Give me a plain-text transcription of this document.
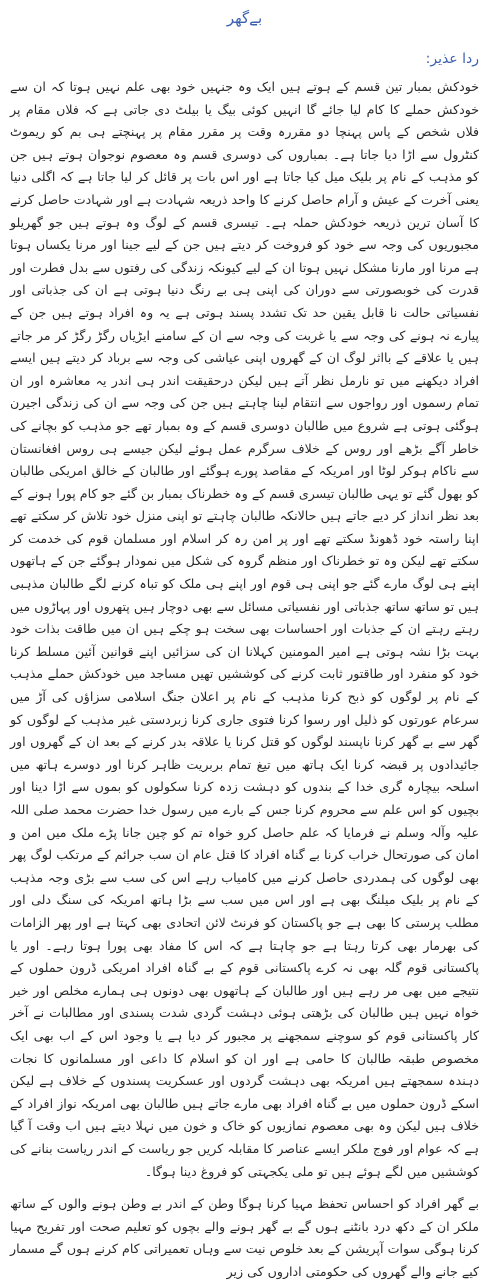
بےگھر
ردا عذیر:

خودکش بمبار تین قسم کے ہوتے ہیں ایک وہ جنہیں خود بھی علم نہیں ہوتا کہ ان سے خودکش حملے کا کام لیا جائے گا انہیں کوئی بیگ یا بیلٹ دی جاتی ہے کہ فلاں مقام پر فلاں شخص کے پاس پہنچا دو مقررہ وقت پر مقرر مقام پر پہنچتے ہی بم کو ریموٹ کنٹرول سے اڑا دیا جاتا ہے۔ بمباروں کی دوسری قسم وہ معصوم نوجوان ہوتے ہیں جن کو مذہب کے نام پر بلیک میل کیا جاتا ہے اور اس بات پر قائل کر لیا جاتا ہے کہ اگلی دنیا یعنی آخرت کے عیش و آرام حاصل کرنے کا واحد ذریعہ شہادت ہے اور شہادت حاصل کرنے کا آسان ترین ذریعہ خودکش حملہ ہے۔ تیسری قسم کے لوگ وہ ہوتے ہیں جو گھریلو مجبوریوں کی وجہ سے خود کو فروخت کر دیتے ہیں جن کے لیے جینا اور مرنا یکساں ہوتا ہے مرنا اور مارنا مشکل نہیں ہوتا ان کے لیے کیونکہ زندگی کی رفتوں سے بدل فطرت اور قدرت کی خوبصورتی سے دوران کی اپنی ہی بے رنگ دنیا ہوتی ہے ان کی جذباتی اور نفسیاتی حالت نا قابل یقین حد تک تشدد پسند ہوتی ہے یہ وہ افراد ہوتے ہیں جن کے پیارے نہ ہونے کی وجہ سے یا غربت کی وجہ سے ان کے سامنے ایڑیاں رگڑ رگڑ کر مر جاتے ہیں یا علاقے کے بااثر لوگ ان کے گھروں اپنی عیاشی کی وجہ سے برباد کر دیتے ہیں ایسے افراد دیکھنے میں تو نارمل نظر آتے ہیں لیکن درحقیقت اندر ہی اندر یہ معاشرہ اور ان تمام رسموں اور رواجوں سے انتقام لینا چاہتے ہیں جن کی وجہ سے ان کی زندگی اجیرن ہوگئی ہوتی ہے شروع میں طالبان دوسری قسم کے وہ بمبار تھے جو مذہب کو بچانے کی خاطر آگے بڑھے اور روس کے خلاف سرگرم عمل ہوئے لیکن جیسے ہی روس افغانستان سے ناکام ہوکر لوٹا اور امریکہ کے مقاصد پورے ہوگئے اور طالبان کے خالق امریکی طالبان کو بھول گئے تو یہی طالبان تیسری قسم کے وہ خطرناک بمبار بن گئے جو کام پورا ہونے کے بعد نظر انداز کر دیے جاتے ہیں حالانکہ طالبان چاہتے تو اپنی منزل خود تلاش کر سکتے تھے اپنا راستہ خود ڈھونڈ سکتے تھے اور پر امن رہ کر اسلام اور مسلمان قوم کی خدمت کر سکتے تھے لیکن وہ تو خطرناک اور منظم گروہ کی شکل میں نمودار ہوگئے جن کے ہاتھوں اپنے ہی لوگ مارے گئے جو اپنی ہی قوم اور اپنے ہی ملک کو تباہ کرنے لگے طالبان مذہبی ہیں تو ساتھ ساتھ جذباتی اور نفسیاتی مسائل سے بھی دوچار ہیں پتھروں اور پہاڑوں میں رہتے رہتے ان کے جذبات اور احساسات بھی سخت ہو چکے ہیں ان میں طاقت بذات خود بہت بڑا نشہ ہوتی ہے امیر المومنین کہلانا ان کی سزائیں اپنے قوانین آئین مسلط کرنا خود کو منفرد اور طاقتور ثابت کرنے کی کوششیں تھیں مساجد میں خودکش حملے مذہب کے نام پر لوگوں کو ذبح کرنا مذہب کے نام پر اعلان جنگ اسلامی سزاؤں کی آڑ میں سرعام عورتوں کو ذلیل اور رسوا کرنا فتوی جاری کرنا زبردستی غیر مذہب کے لوگوں کو گھر سے بے گھر کرنا ناپسند لوگوں کو قتل کرنا یا علاقہ بدر کرنے کے بعد ان کے گھروں اور جائیدادوں پر قبضہ کرنا ایک ہاتھ میں تیغ تمام بربریت ظاہر کرنا اور دوسرے ہاتھ میں اسلحہ بیچارہ گری خدا کے بندوں کو دہشت زدہ کرنا سکولوں کو بموں سے اڑا دینا اور بچیوں کو اس علم سے محروم کرنا جس کے بارے میں رسول خدا حضرت محمد صلی اللہ علیہ وآلہ وسلم نے فرمایا کہ علم حاصل کرو خواہ تم کو چین جانا پڑے ملک میں امن و امان کی صورتحال خراب کرنا بے گناہ افراد کا قتل عام ان سب جرائم کے مرتکب لوگ پھر بھی لوگوں کی ہمدردی حاصل کرنے میں کامیاب رہے اس کی سب سے بڑی وجہ مذہب کے نام پر بلیک میلنگ بھی ہے اور اس میں سب سے بڑا ہاتھ امریکہ کی سنگ دلی اور مطلب پرستی کا بھی ہے جو پاکستان کو فرنٹ لائن اتحادی بھی کہتا ہے اور پھر الزامات کی بھرمار بھی کرتا رہتا ہے جو چاہتا ہے کہ اس کا مفاد بھی پورا ہوتا رہے۔ اور یا پاکستانی قوم گلہ بھی نہ کرے پاکستانی قوم کے بے گناہ افراد امریکی ڈرون حملوں کے نتیجے میں بھی مر رہے ہیں اور طالبان کے ہاتھوں بھی دونوں ہی ہمارے مخلص اور خیر خواہ نہیں ہیں طالبان کی بڑھتی ہوئی دہشت گردی شدت پسندی اور مطالبات نے آخر کار پاکستانی قوم کو سوچنے سمجھنے پر مجبور کر دیا ہے یا وجود اس کے اب بھی ایک مخصوص طبقہ طالبان کا حامی ہے اور ان کو اسلام کا داعی اور مسلمانوں کا نجات دہندہ سمجھتے ہیں امریکہ بھی دہشت گردوں اور عسکریت پسندوں کے خلاف ہے لیکن اسکے ڈرون حملوں میں بے گناہ افراد بھی مارے جاتے ہیں طالبان بھی امریکہ نواز افراد کے خلاف ہیں لیکن وہ بھی معصوم نمازیوں کو خاک و خون میں نہلا دیتے ہیں اب وقت آ گیا ہے کہ عوام اور فوج ملکر ایسے عناصر کا مقابلہ کریں جو ریاست کے اندر ریاست بنانے کی کوششیں میں لگے ہوئے ہیں تو ملی یکجہتی کو فروغ دینا ہوگا۔

بے گھر افراد کو احساس تحفظ مہیا کرنا ہوگا وطن کے اندر بے وطن ہونے والوں کے ساتھ ملکر ان کے دکھ درد بانٹنے ہوں گے بے گھر ہونے والے بچوں کو تعلیم صحت اور تفریح مہیا کرنا ہوگی سوات آپریشن کے بعد خلوص نیت سے وہاں تعمیراتی کام کرنے ہوں گے مسمار کیے جانے والے گھروں کی حکومتی اداروں کی زیر
